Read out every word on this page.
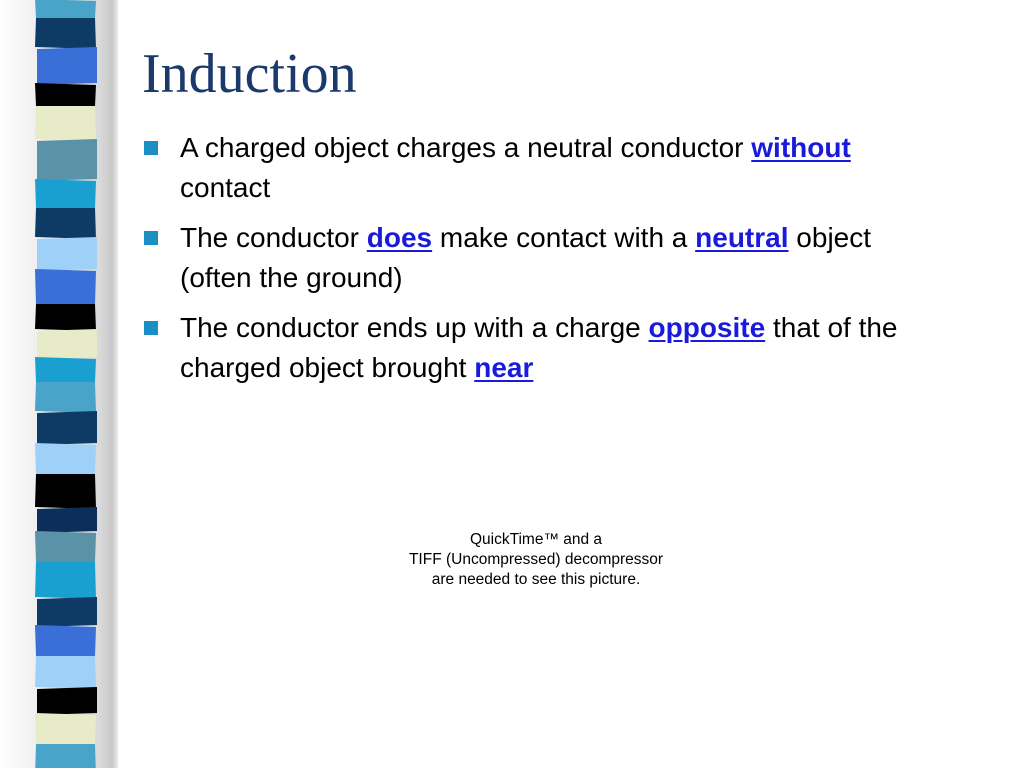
Induction
A charged object charges a neutral conductor without contact
The conductor does make contact with a neutral object (often the ground)
The conductor ends up with a charge opposite that of the charged object brought near
QuickTime™ and a
TIFF (Uncompressed) decompressor
are needed to see this picture.
